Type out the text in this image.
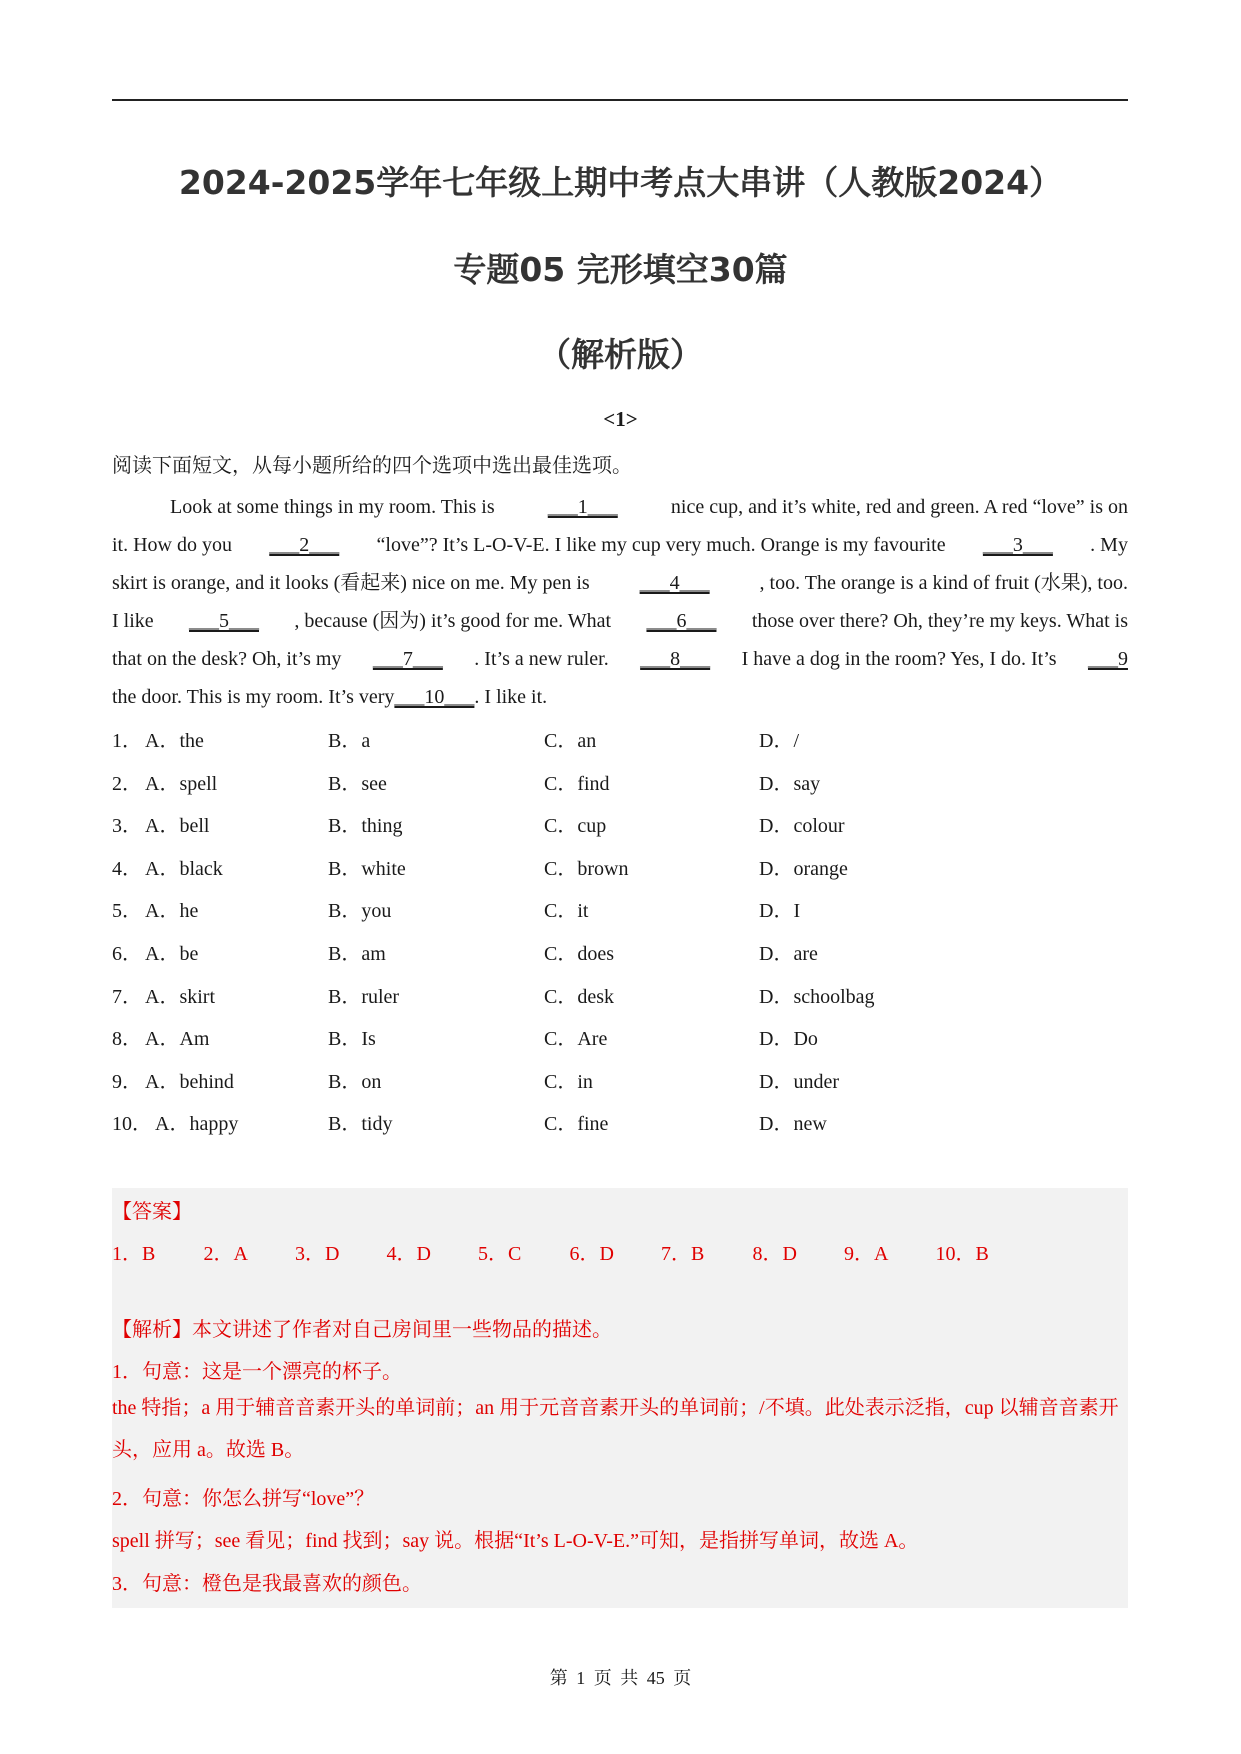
2024-2025学年七年级上期中考点大串讲（人教版2024）
专题05 完形填空30篇
（解析版）
<1>
阅读下面短文，从每小题所给的四个选项中选出最佳选项。
Look at some things in my room. This is	___1___	nice cup, and it’s white, red and green. A red “love” is on
it. How do you ___2___ “love”? It’s L-O-V-E. I like my cup very much. Orange is my favourite ___3___ . My
skirt is orange, and it looks (看起来) nice on me. My pen is ___4___ , too. The orange is a kind of fruit (水果), too.
I like ___5___ , because (因为) it’s good for me. What ___6___ those over there? Oh, they’re my keys. What is
that on the desk? Oh, it’s my ___7___ . It’s a new ruler. ___8___ I have a dog in the room? Yes, I do. It’s ___9
the door. This is my room. It’s very ___10___ . I like it.
1． A．the	B．a	C．an	D．/
2． A．spell	B．see	C．find	D．say
3． A．bell	B．thing	C．cup	D．colour
4． A．black	B．white	C．brown	D．orange
5． A．he	B．you	C．it	D．I
6． A．be	B．am	C．does	D．are
7． A．skirt	B．ruler	C．desk	D．schoolbag
8． A．Am	B．Is	C．Are	D．Do
9． A．behind	B．on	C．in	D．under
10． A．happy	B．tidy	C．fine	D．new
【答案】
1．B 2．A 3．D 4．D 5．C 6．D 7．B 8．D 9．A 10．B
【解析】本文讲述了作者对自己房间里一些物品的描述。
1．句意：这是一个漂亮的杯子。
the 特指；a 用于辅音音素开头的单词前；an 用于元音音素开头的单词前；/不填。此处表示泛指，cup 以辅音音素开头，应用 a。故选 B。
2．句意：你怎么拼写“love”？
spell 拼写；see 看见；find 找到；say 说。根据“It’s L-O-V-E.”可知，是指拼写单词，故选 A。
3．句意：橙色是我最喜欢的颜色。
第 1 页 共 45 页
